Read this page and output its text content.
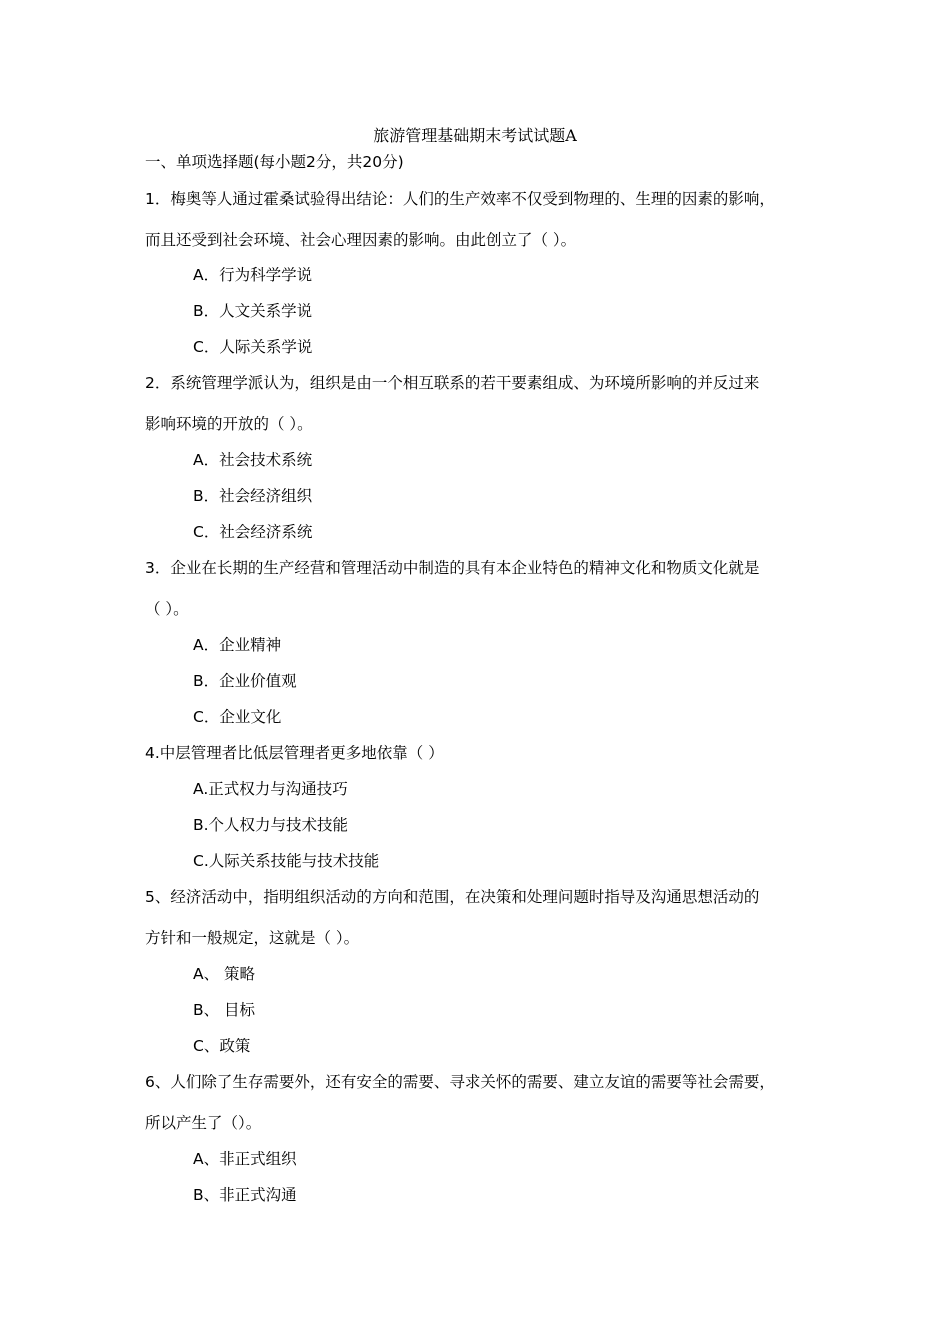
旅游管理基础期末考试试题A
一、单项选择题(每小题2分，共20分)
1．梅奥等人通过霍桑试验得出结论：人们的生产效率不仅受到物理的、生理的因素的影响，
而且还受到社会环境、社会心理因素的影响。由此创立了（ ）。
A．行为科学学说
B．人文关系学说
C．人际关系学说
2．系统管理学派认为，组织是由一个相互联系的若干要素组成、为环境所影响的并反过来
影响环境的开放的（ ）。
A．社会技术系统
B．社会经济组织
C．社会经济系统
3．企业在长期的生产经营和管理活动中制造的具有本企业特色的精神文化和物质文化就是
（ ）。
A．企业精神
B．企业价值观
C．企业文化
4.中层管理者比低层管理者更多地依靠（ ）
A.正式权力与沟通技巧
B.个人权力与技术技能
C.人际关系技能与技术技能
5、经济活动中，指明组织活动的方向和范围，在决策和处理问题时指导及沟通思想活动的
方针和一般规定，这就是（ ）。
A、 策略
B、 目标
C、政策
6、人们除了生存需要外，还有安全的需要、寻求关怀的需要、建立友谊的需要等社会需要，
所以产生了（）。
A、非正式组织
B、非正式沟通
